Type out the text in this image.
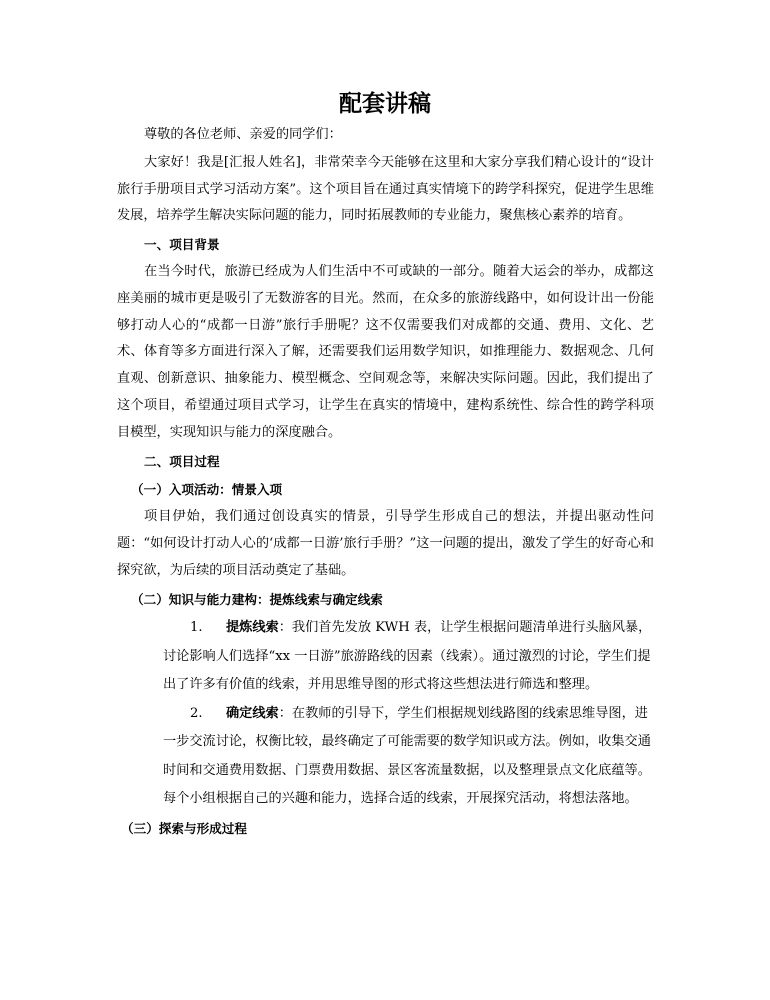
配套讲稿

尊敬的各位老师、亲爱的同学们：

大家好！我是[汇报人姓名]，非常荣幸今天能够在这里和大家分享我们精心设计的“设计旅行手册项目式学习活动方案”。这个项目旨在通过真实情境下的跨学科探究，促进学生思维发展，培养学生解决实际问题的能力，同时拓展教师的专业能力，聚焦核心素养的培育。

一、项目背景

在当今时代，旅游已经成为人们生活中不可或缺的一部分。随着大运会的举办，成都这座美丽的城市更是吸引了无数游客的目光。然而，在众多的旅游线路中，如何设计出一份能够打动人心的“成都一日游”旅行手册呢？这不仅需要我们对成都的交通、费用、文化、艺术、体育等多方面进行深入了解，还需要我们运用数学知识，如推理能力、数据观念、几何直观、创新意识、抽象能力、模型概念、空间观念等，来解决实际问题。因此，我们提出了这个项目，希望通过项目式学习，让学生在真实的情境中，建构系统性、综合性的跨学科项目模型，实现知识与能力的深度融合。

二、项目过程
（一）入项活动：情景入项

项目伊始，我们通过创设真实的情景，引导学生形成自己的想法，并提出驱动性问题：“如何设计打动人心的‘成都一日游’旅行手册？”这一问题的提出，激发了学生的好奇心和探究欲，为后续的项目活动奠定了基础。

（二）知识与能力建构：提炼线索与确定线索
1. 提炼线索：我们首先发放 KWH 表，让学生根据问题清单进行头脑风暴，讨论影响人们选择“xx 一日游”旅游路线的因素（线索）。通过激烈的讨论，学生们提出了许多有价值的线索，并用思维导图的形式将这些想法进行筛选和整理。
2. 确定线索：在教师的引导下，学生们根据规划线路图的线索思维导图，进一步交流讨论，权衡比较，最终确定了可能需要的数学知识或方法。例如，收集交通时间和交通费用数据、门票费用数据、景区客流量数据，以及整理景点文化底蕴等。每个小组根据自己的兴趣和能力，选择合适的线索，开展探究活动，将想法落地。
（三）探索与形成过程
